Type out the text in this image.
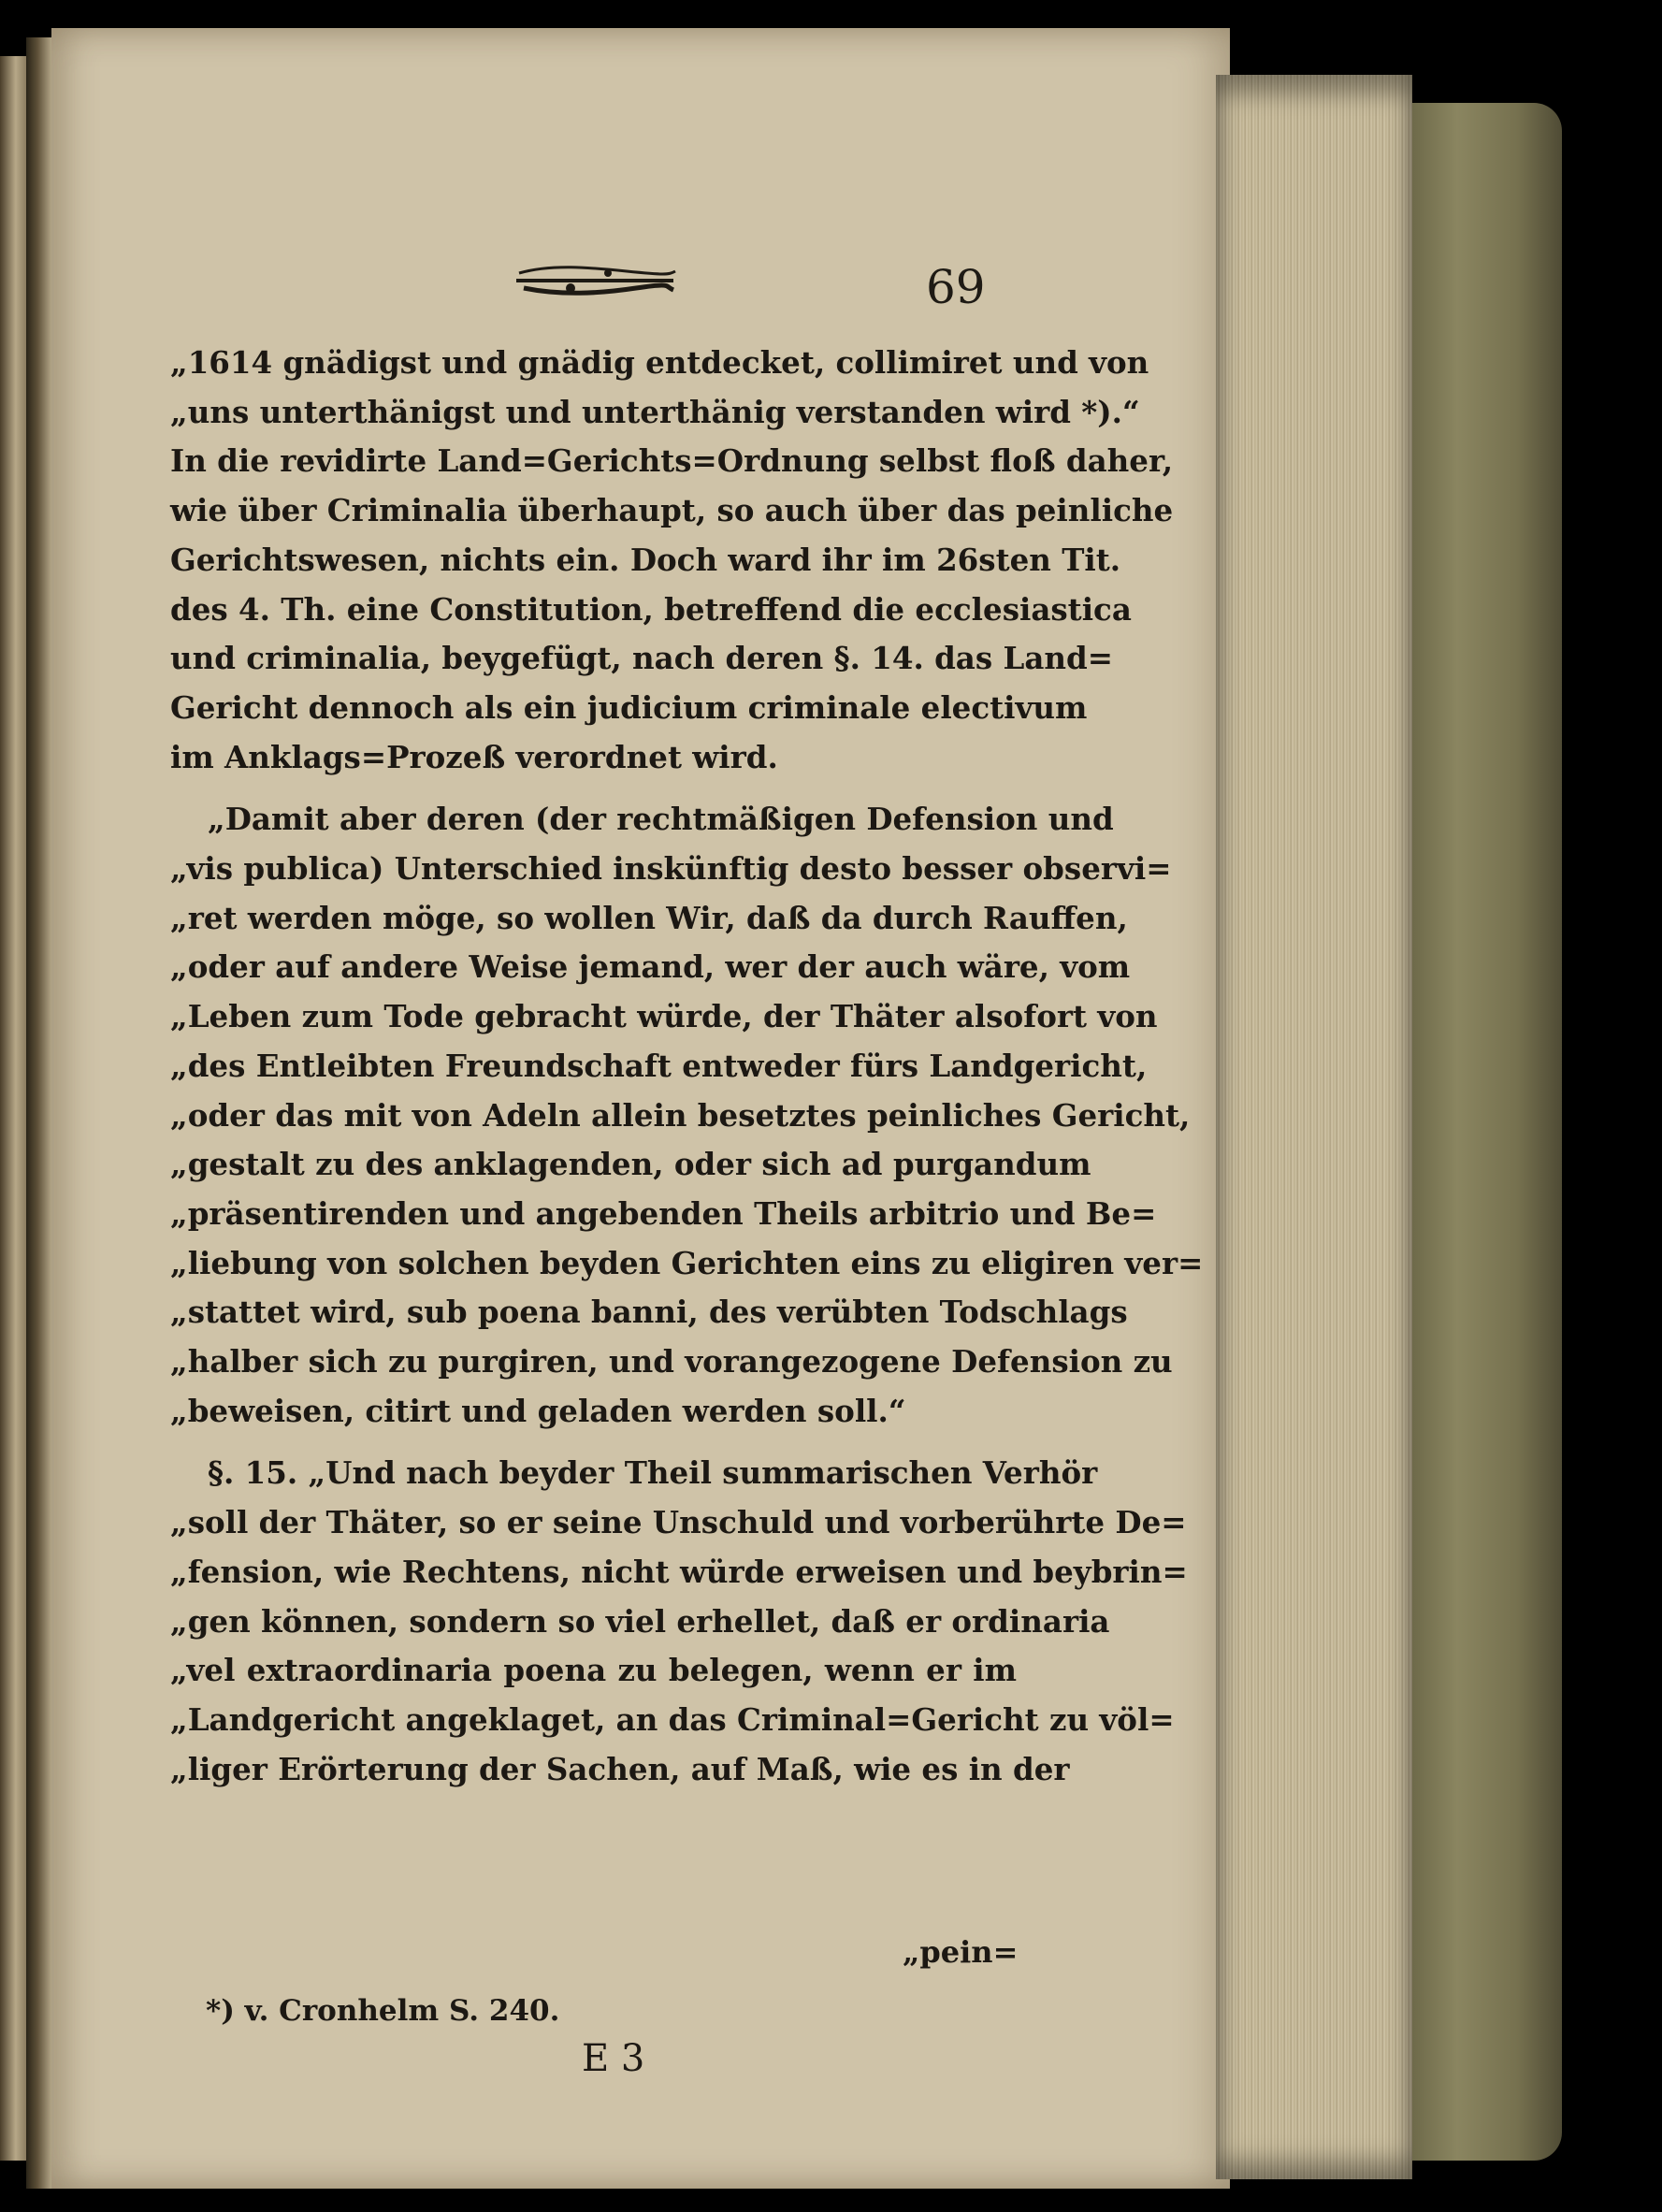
69
„1614 gnädigst und gnädig entdecket, collimiret und von
„uns unterthänigst und unterthänig verstanden wird *).“
In die revidirte Land=Gerichts=Ordnung selbst floß daher,
wie über Criminalia überhaupt, so auch über das peinliche
Gerichtswesen, nichts ein. Doch ward ihr im 26sten Tit.
des 4. Th. eine Constitution, betreffend die ecclesiastica
und criminalia, beygefügt, nach deren §. 14. das Land=
Gericht dennoch als ein judicium criminale electivum
im Anklags=Prozeß verordnet wird.
„Damit aber deren (der rechtmäßigen Defension und
„vis publica) Unterschied inskünftig desto besser observi=
„ret werden möge, so wollen Wir, daß da durch Rauffen,
„oder auf andere Weise jemand, wer der auch wäre, vom
„Leben zum Tode gebracht würde, der Thäter alsofort von
„des Entleibten Freundschaft entweder fürs Landgericht,
„oder das mit von Adeln allein besetztes peinliches Gericht,
„gestalt zu des anklagenden, oder sich ad purgandum
„präsentirenden und angebenden Theils arbitrio und Be=
„liebung von solchen beyden Gerichten eins zu eligiren ver=
„stattet wird, sub poena banni, des verübten Todschlags
„halber sich zu purgiren, und vorangezogene Defension zu
„beweisen, citirt und geladen werden soll.“
§. 15. „Und nach beyder Theil summarischen Verhör
„soll der Thäter, so er seine Unschuld und vorberührte De=
„fension, wie Rechtens, nicht würde erweisen und beybrin=
„gen können, sondern so viel erhellet, daß er ordinaria
„vel extraordinaria poena zu belegen, wenn er im
„Landgericht angeklaget, an das Criminal=Gericht zu völ=
„liger Erörterung der Sachen, auf Maß, wie es in der
„pein=
*) v. Cronhelm S. 240.
E 3
